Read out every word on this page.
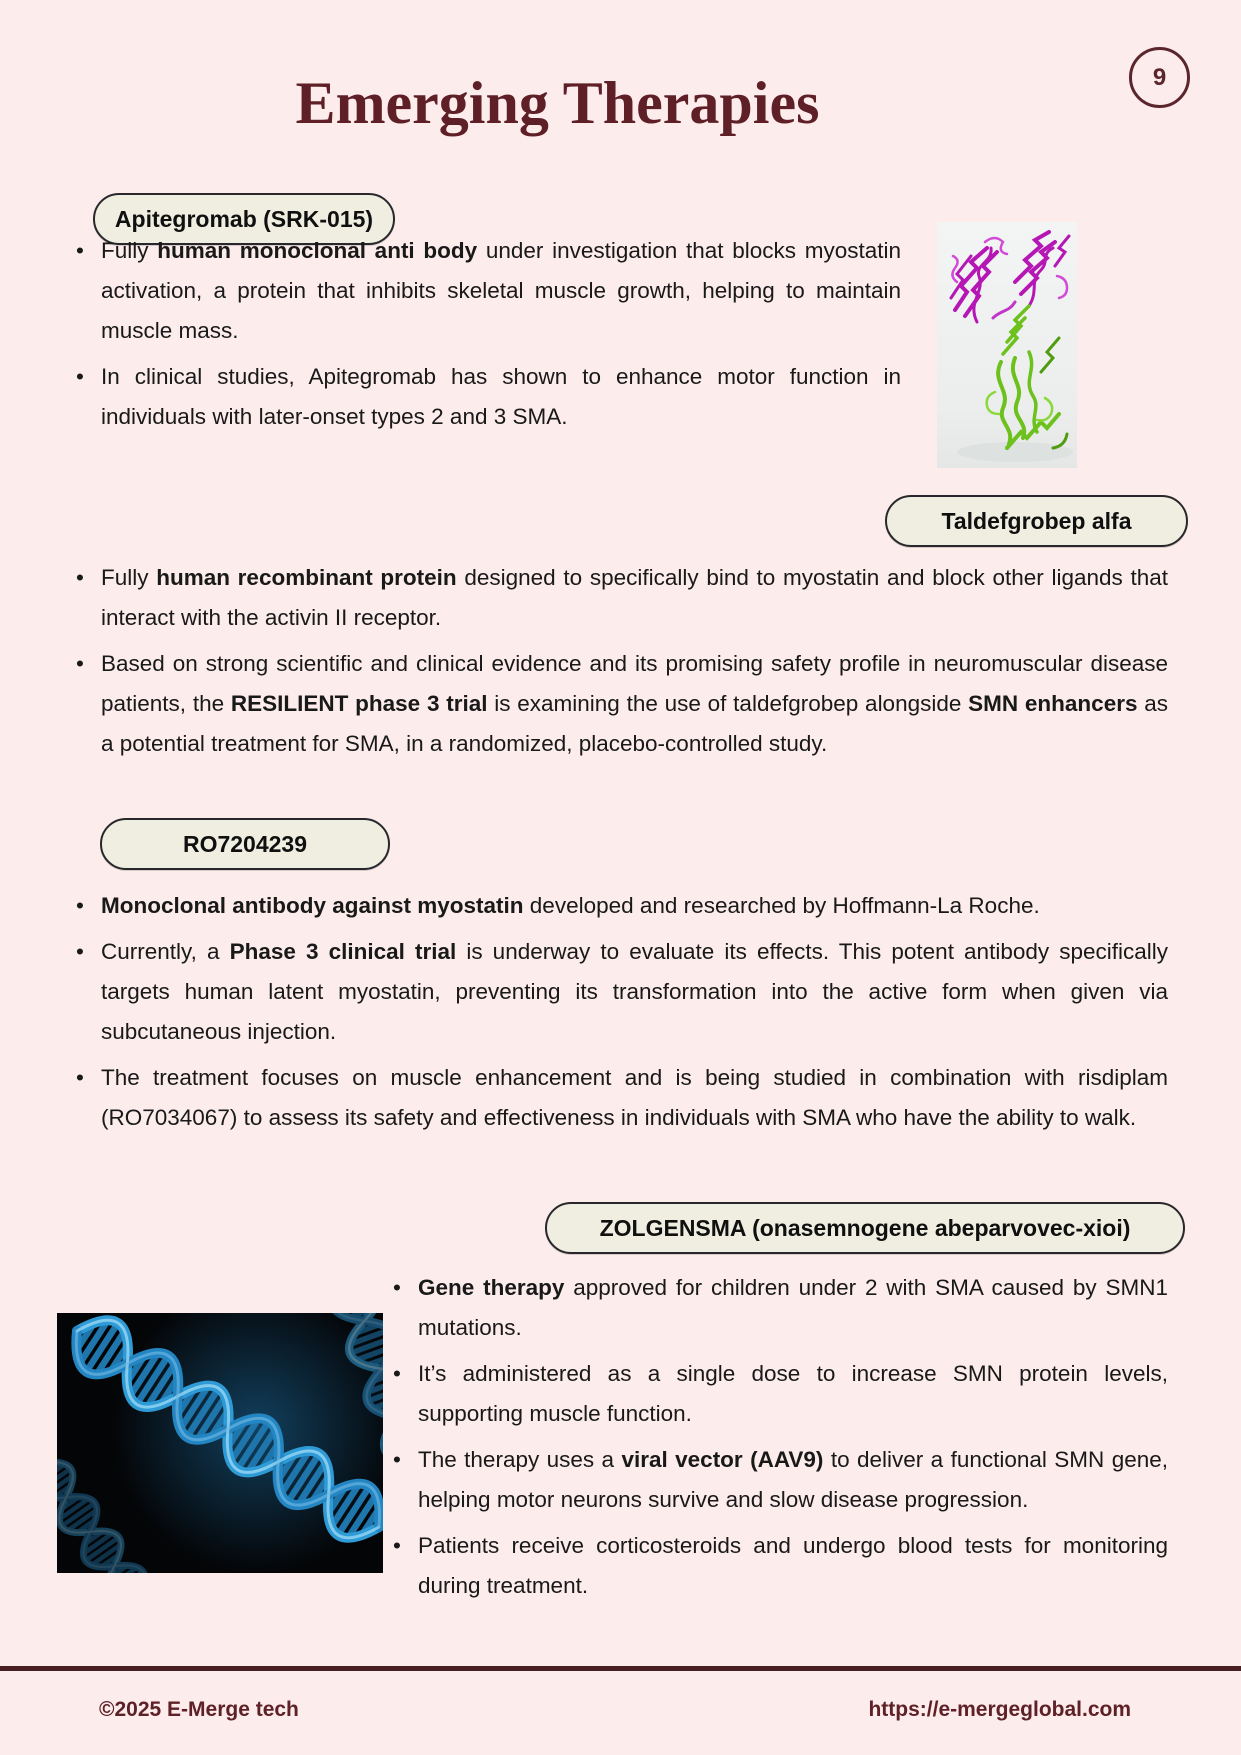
9
Emerging Therapies
Apitegromab (SRK-015)
• Fully human monoclonal anti body under investigation that blocks myostatin activation, a protein that inhibits skeletal muscle growth, helping to maintain muscle mass.
• In clinical studies, Apitegromab has shown to enhance motor function in individuals with later-onset types 2 and 3 SMA.
Taldefgrobep alfa
• Fully human recombinant protein designed to specifically bind to myostatin and block other ligands that interact with the activin II receptor.
• Based on strong scientific and clinical evidence and its promising safety profile in neuromuscular disease patients, the RESILIENT phase 3 trial is examining the use of taldefgrobep alongside SMN enhancers as a potential treatment for SMA, in a randomized, placebo-controlled study.
RO7204239
• Monoclonal antibody against myostatin developed and researched by Hoffmann-La Roche.
• Currently, a Phase 3 clinical trial is underway to evaluate its effects. This potent antibody specifically targets human latent myostatin, preventing its transformation into the active form when given via subcutaneous injection.
• The treatment focuses on muscle enhancement and is being studied in combination with risdiplam (RO7034067) to assess its safety and effectiveness in individuals with SMA who have the ability to walk.
ZOLGENSMA (onasemnogene abeparvovec-xioi)
• Gene therapy approved for children under 2 with SMA caused by SMN1 mutations.
• It’s administered as a single dose to increase SMN protein levels, supporting muscle function.
• The therapy uses a viral vector (AAV9) to deliver a functional SMN gene, helping motor neurons survive and slow disease progression.
• Patients receive corticosteroids and undergo blood tests for monitoring during treatment.
©2025 E-Merge tech	https://e-mergeglobal.com
